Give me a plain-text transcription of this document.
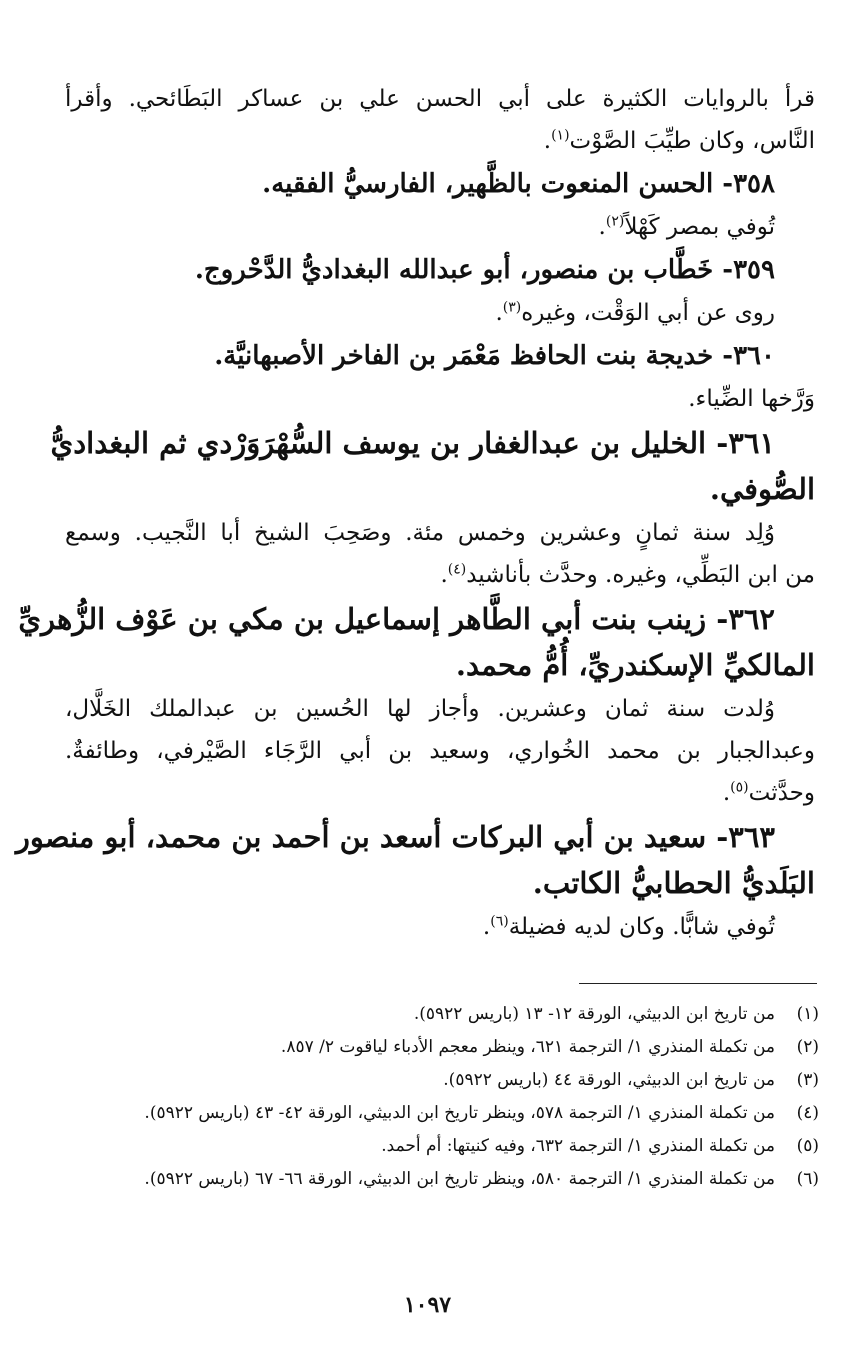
قرأ بالروايات الكثيرة على أبي الحسن علي بن عساكر البَطَائحي. وأقرأ
النَّاس، وكان طيِّبَ الصَّوْت$^{(١)}$.
٣٥٨- الحسن المنعوت بالظَّهير، الفارسيُّ الفقيه.
تُوفي بمصر كَهْلاً$^{(٢)}$.
٣٥٩- خَطَّاب بن منصور، أبو عبدالله البغداديُّ الدَّحْروج.
روى عن أبي الوَقْت، وغيره$^{(٣)}$.
٣٦٠- خديجة بنت الحافظ مَعْمَر بن الفاخر الأصبهانيَّة.
وَرَّخها الضِّياء.
٣٦١- الخليل بن عبدالغفار بن يوسف السُّهْرَوَرْدي ثم البغداديُّ
الصُّوفي.
وُلِد سنة ثمانٍ وعشرين وخمس مئة. وصَحِبَ الشيخ أبا النَّجيب. وسمع
من ابن البَطِّي، وغيره. وحدَّث بأناشيد$^{(٤)}$.
٣٦٢- زينب بنت أبي الطَّاهر إسماعيل بن مكي بن عَوْف الزُّهريِّ
المالكيِّ الإسكندريِّ، أُمُّ محمد.
وُلدت سنة ثمان وعشرين. وأجاز لها الحُسين بن عبدالملك الخَلَّال،
وعبدالجبار بن محمد الخُواري، وسعيد بن أبي الرَّجَاء الصَّيْرفي، وطائفةٌ.
وحدَّثت$^{(٥)}$.
٣٦٣- سعيد بن أبي البركات أسعد بن أحمد بن محمد، أبو منصور
البَلَديُّ الحطابيُّ الكاتب.
تُوفي شابًّا. وكان لديه فضيلة$^{(٦)}$.
(١)
من تاريخ ابن الدبيثي، الورقة ١٢- ١٣ (باريس ٥٩٢٢).
(٢)
من تكملة المنذري ١/ الترجمة ٦٢١، وينظر معجم الأدباء لياقوت ٢/ ٨٥٧.
(٣)
من تاريخ ابن الدبيثي، الورقة ٤٤ (باريس ٥٩٢٢).
(٤)
من تكملة المنذري ١/ الترجمة ٥٧٨، وينظر تاريخ ابن الدبيثي، الورقة ٤٢- ٤٣ (باريس ٥٩٢٢).
(٥)
من تكملة المنذري ١/ الترجمة ٦٣٢، وفيه كنيتها: أم أحمد.
(٦)
من تكملة المنذري ١/ الترجمة ٥٨٠، وينظر تاريخ ابن الدبيثي، الورقة ٦٦- ٦٧ (باريس ٥٩٢٢).
١٠٩٧
